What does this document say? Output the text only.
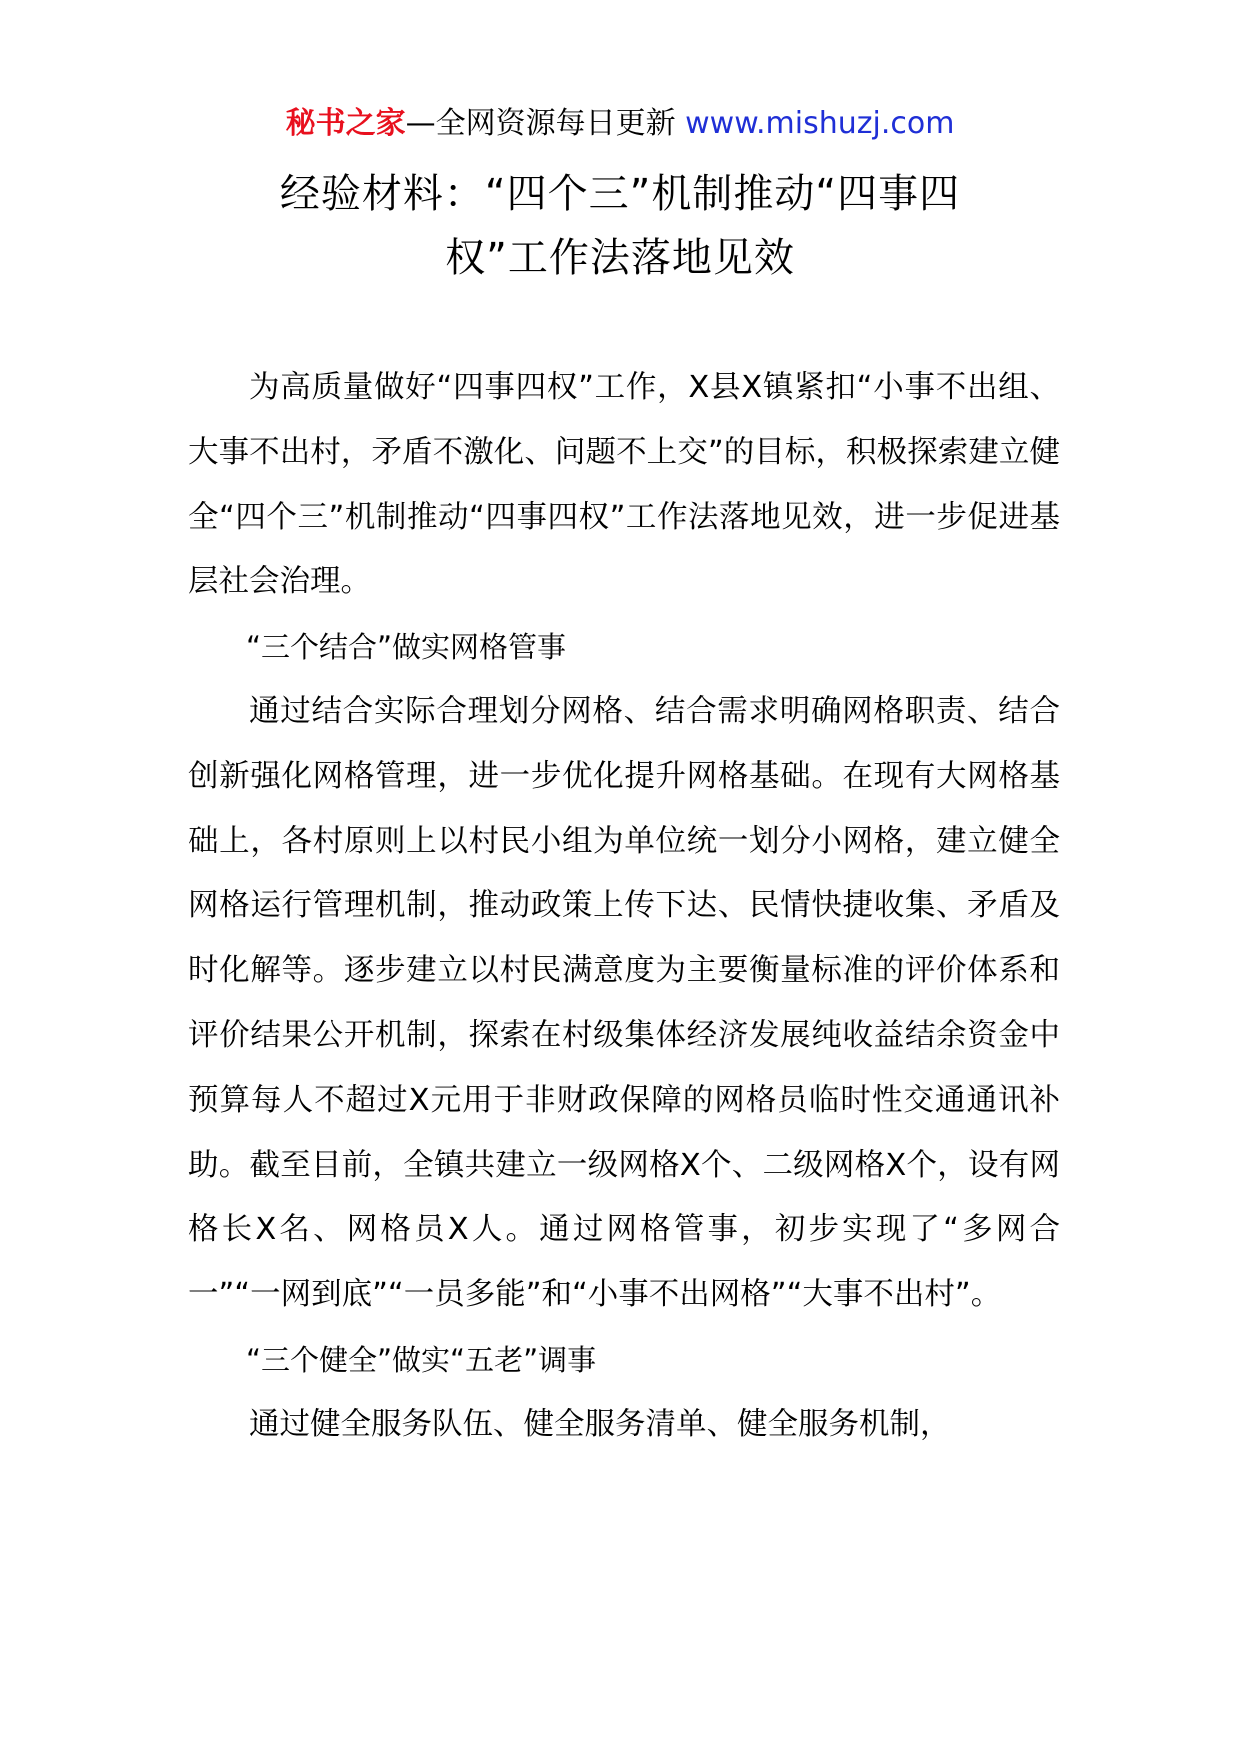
秘书之家—全网资源每日更新 www.mishuzj.com
经验材料：“四个三”机制推动“四事四
权”工作法落地见效

为高质量做好“四事四权”工作，X县X镇紧扣“小事不出组、大事不出村，矛盾不激化、问题不上交”的目标，积极探索建立健全“四个三”机制推动“四事四权”工作法落地见效，进一步促进基层社会治理。

“三个结合”做实网格管事

通过结合实际合理划分网格、结合需求明确网格职责、结合创新强化网格管理，进一步优化提升网格基础。在现有大网格基础上，各村原则上以村民小组为单位统一划分小网格，建立健全网格运行管理机制，推动政策上传下达、民情快捷收集、矛盾及时化解等。逐步建立以村民满意度为主要衡量标准的评价体系和评价结果公开机制，探索在村级集体经济发展纯收益结余资金中预算每人不超过X元用于非财政保障的网格员临时性交通通讯补助。截至目前，全镇共建立一级网格X个、二级网格X个，设有网格长X名、网格员X人。通过网格管事，初步实现了“多网合一”“一网到底”“一员多能”和“小事不出网格”“大事不出村”。

“三个健全”做实“五老”调事

通过健全服务队伍、健全服务清单、健全服务机制，
